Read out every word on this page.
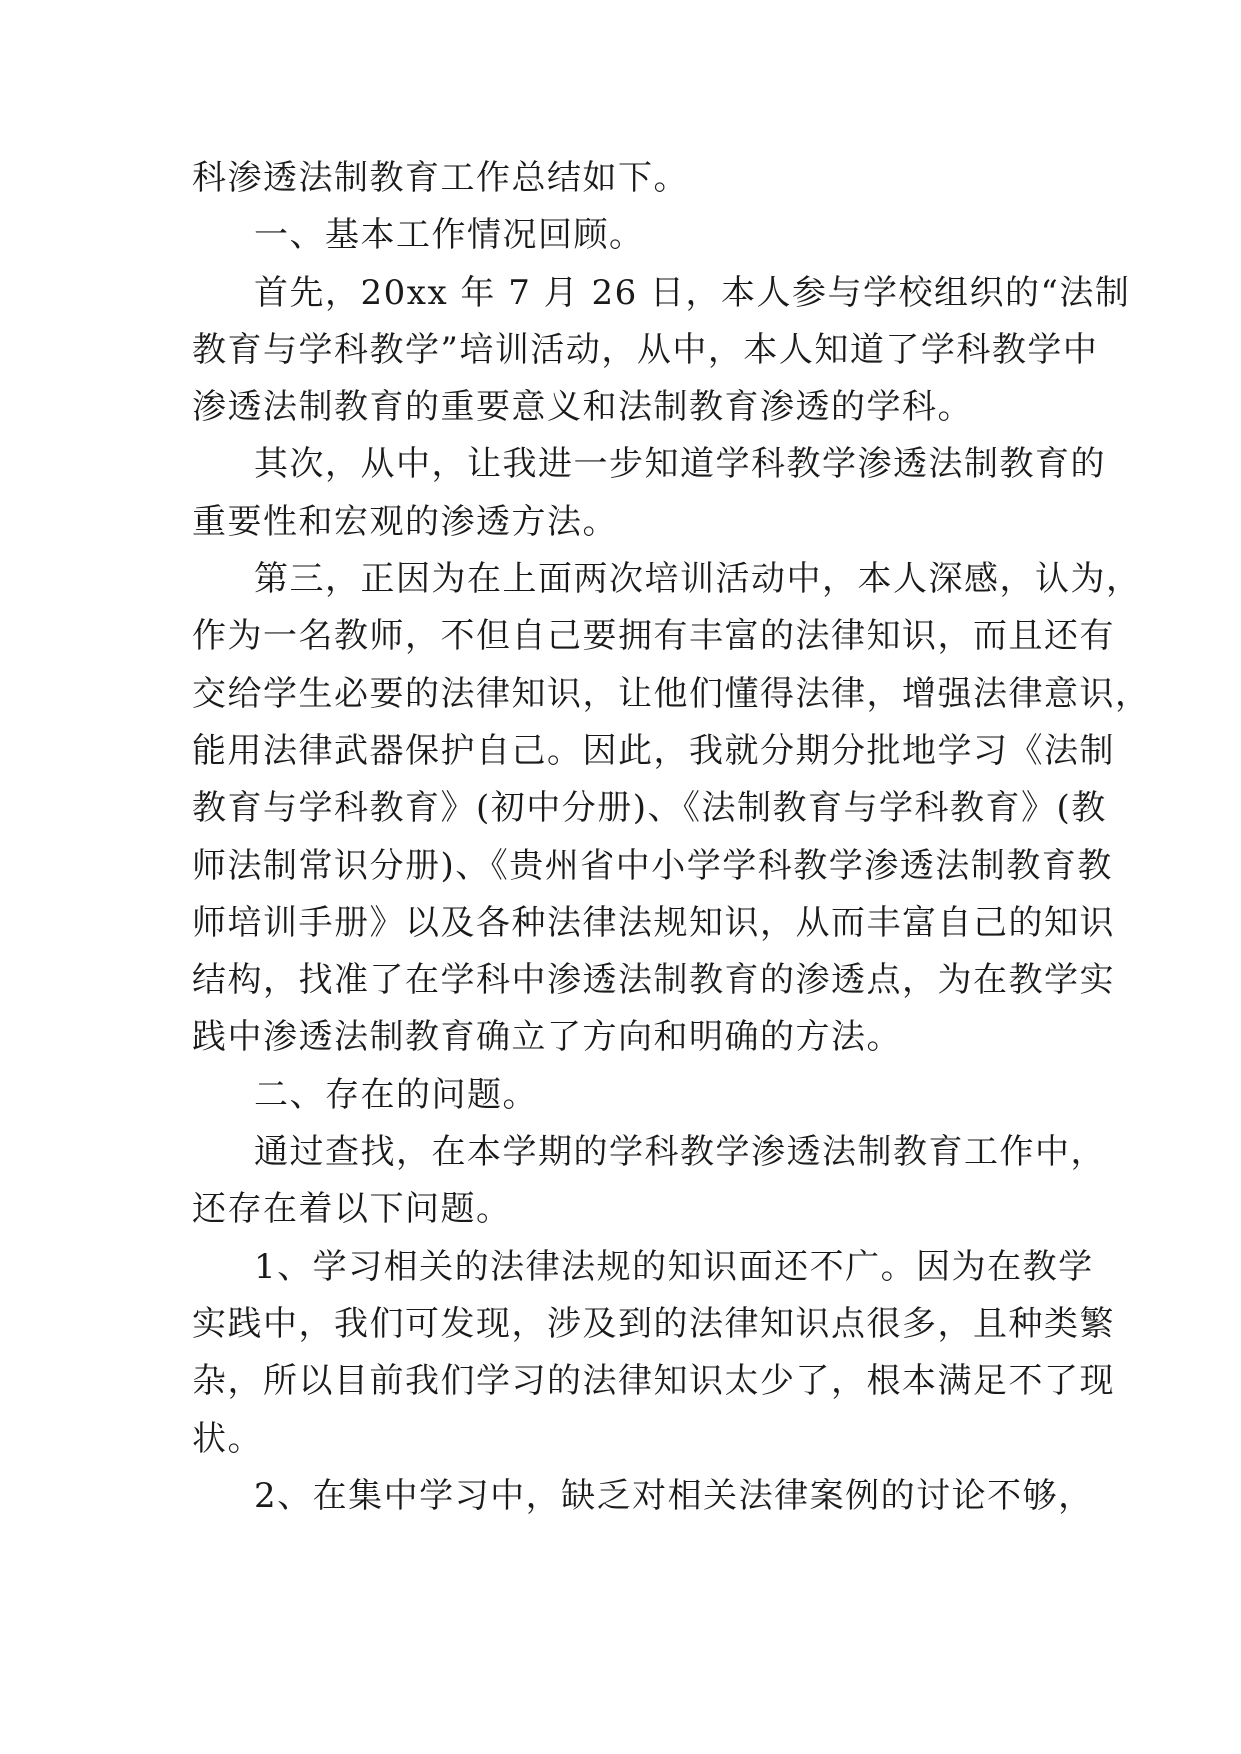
科渗透法制教育工作总结如下。
一、基本工作情况回顾。
首先，20xx 年 7 月 26 日，本人参与学校组织的“法制
教育与学科教学”培训活动，从中，本人知道了学科教学中
渗透法制教育的重要意义和法制教育渗透的学科。
其次，从中，让我进一步知道学科教学渗透法制教育的
重要性和宏观的渗透方法。
第三，正因为在上面两次培训活动中，本人深感，认为，
作为一名教师，不但自己要拥有丰富的法律知识，而且还有
交给学生必要的法律知识，让他们懂得法律，增强法律意识，
能用法律武器保护自己。因此，我就分期分批地学习《法制
教育与学科教育》(初中分册)、《法制教育与学科教育》(教
师法制常识分册)、《贵州省中小学学科教学渗透法制教育教
师培训手册》以及各种法律法规知识，从而丰富自己的知识
结构，找准了在学科中渗透法制教育的渗透点，为在教学实
践中渗透法制教育确立了方向和明确的方法。
二、存在的问题。
通过查找，在本学期的学科教学渗透法制教育工作中，
还存在着以下问题。
1、学习相关的法律法规的知识面还不广。因为在教学
实践中，我们可发现，涉及到的法律知识点很多，且种类繁
杂，所以目前我们学习的法律知识太少了，根本满足不了现
状。
2、在集中学习中，缺乏对相关法律案例的讨论不够，
